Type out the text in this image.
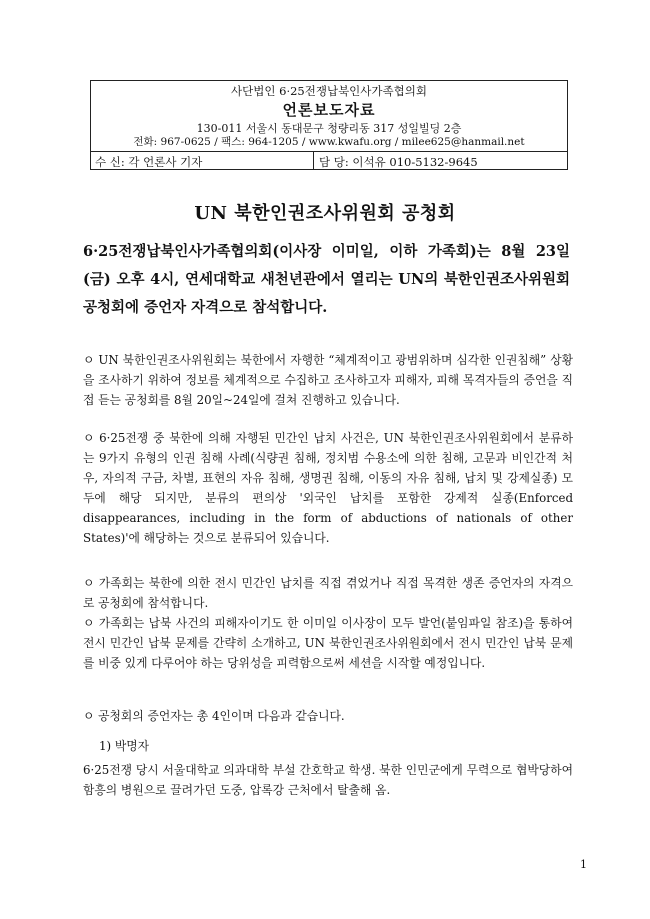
사단법인 6·25전쟁납북인사가족협의회
언론보도자료
130-011 서울시 동대문구 청량리동 317 성일빌딩 2층
전화: 967-0625 / 팩스: 964-1205 / www.kwafu.org / milee625@hanmail.net
수 신: 각 언론사 기자	담 당: 이석유 010-5132-9645
UN 북한인권조사위원회 공청회
6·25전쟁납북인사가족협의회(이사장 이미일, 이하 가족회)는 8월 23일(금) 오후 4시, 연세대학교 새천년관에서 열리는 UN의 북한인권조사위원회 공청회에 증언자 자격으로 참석합니다.
ㅇ UN 북한인권조사위원회는 북한에서 자행한 “체계적이고 광범위하며 심각한 인권침해” 상황을 조사하기 위하여 정보를 체계적으로 수집하고 조사하고자 피해자, 피해 목격자들의 증언을 직접 듣는 공청회를 8월 20일~24일에 걸쳐 진행하고 있습니다.
ㅇ 6·25전쟁 중 북한에 의해 자행된 민간인 납치 사건은, UN 북한인권조사위원회에서 분류하는 9가지 유형의 인권 침해 사례(식량권 침해, 정치범 수용소에 의한 침해, 고문과 비인간적 처우, 자의적 구금, 차별, 표현의 자유 침해, 생명권 침해, 이동의 자유 침해, 납치 및 강제실종) 모두에 해당 되지만, 분류의 편의상 '외국인 납치를 포함한 강제적 실종(Enforced disappearances, including in the form of abductions of nationals of other States)'에 해당하는 것으로 분류되어 있습니다.
ㅇ 가족회는 북한에 의한 전시 민간인 납치를 직접 겪었거나 직접 목격한 생존 증언자의 자격으로 공청회에 참석합니다.
ㅇ 가족회는 납북 사건의 피해자이기도 한 이미일 이사장이 모두 발언(붙임파일 참조)을 통하여 전시 민간인 납북 문제를 간략히 소개하고, UN 북한인권조사위원회에서 전시 민간인 납북 문제를 비중 있게 다루어야 하는 당위성을 피력함으로써 세션을 시작할 예정입니다.
ㅇ 공청회의 증언자는 총 4인이며 다음과 같습니다.
1) 박명자
6·25전쟁 당시 서울대학교 의과대학 부설 간호학교 학생. 북한 인민군에게 무력으로 협박당하여 함흥의 병원으로 끌려가던 도중, 압록강 근처에서 탈출해 옴.
1
